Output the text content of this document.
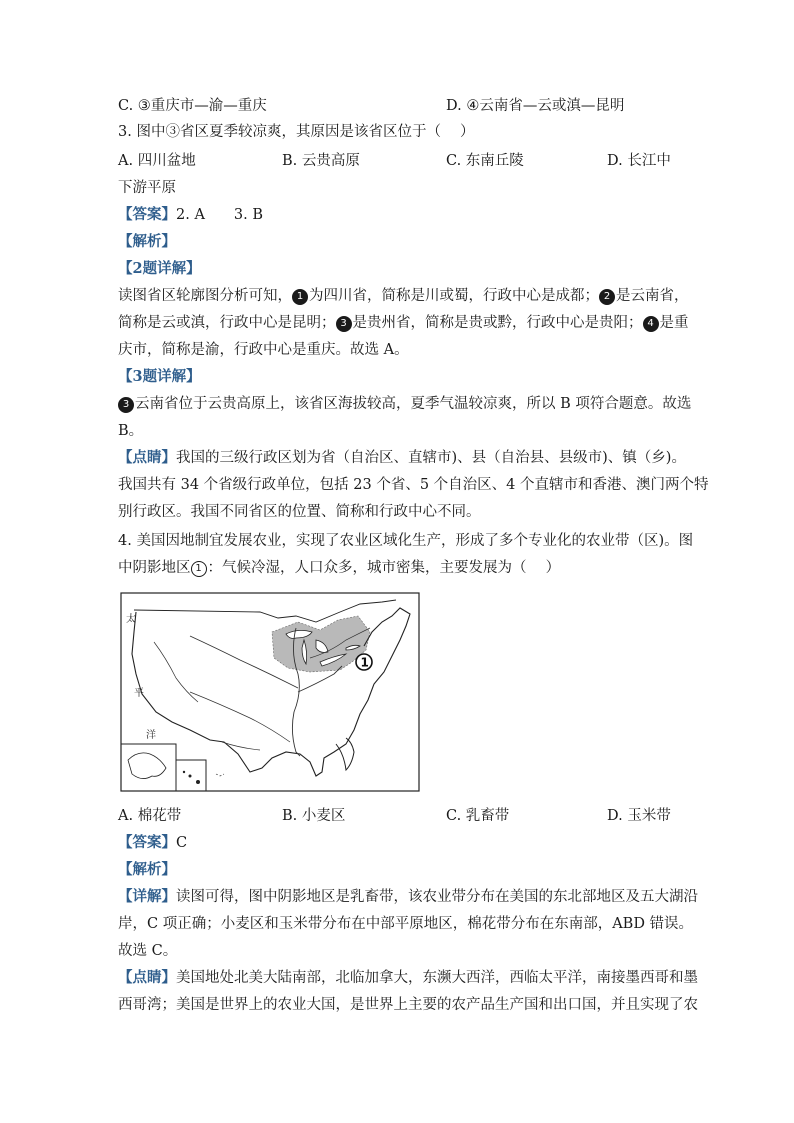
C. ③重庆市—渝—重庆	D. ④云南省—云或滇—昆明
3. 图中③省区夏季较凉爽，其原因是该省区位于（　 ）
A. 四川盆地	B. 云贵高原	C. 东南丘陵	D. 长江中
下游平原
【答案】2. A　　3. B
【解析】
【2题详解】
读图省区轮廓图分析可知， 1 为四川省，简称是川或蜀，行政中心是成都； 2 是云南省，
简称是云或滇，行政中心是昆明； 3 是贵州省，简称是贵或黔，行政中心是贵阳； 4 是重
庆市，简称是渝，行政中心是重庆。故选 A。
【3题详解】
3 云南省位于云贵高原上，该省区海拔较高，夏季气温较凉爽，所以 B 项符合题意。故选
B。
【点睛】我国的三级行政区划为省（自治区、直辖市)、县（自治县、县级市)、镇（乡)。
我国共有 34 个省级行政单位，包括 23 个省、5 个自治区、4 个直辖市和香港、澳门两个特
别行政区。我国不同省区的位置、简称和行政中心不同。
4. 美国因地制宜发展农业，实现了农业区域化生产，形成了多个专业化的农业带（区)。图
中阴影地区 1 ：气候冷湿，人口众多，城市密集，主要发展为（　 ）
太
平
洋
1
A. 棉花带	B. 小麦区	C. 乳畜带	D. 玉米带
【答案】C
【解析】
【详解】读图可得，图中阴影地区是乳畜带，该农业带分布在美国的东北部地区及五大湖沿
岸，C 项正确；小麦区和玉米带分布在中部平原地区，棉花带分布在东南部，ABD 错误。
故选 C。
【点睛】美国地处北美大陆南部，北临加拿大，东濒大西洋，西临太平洋，南接墨西哥和墨
西哥湾；美国是世界上的农业大国，是世界上主要的农产品生产国和出口国，并且实现了农
